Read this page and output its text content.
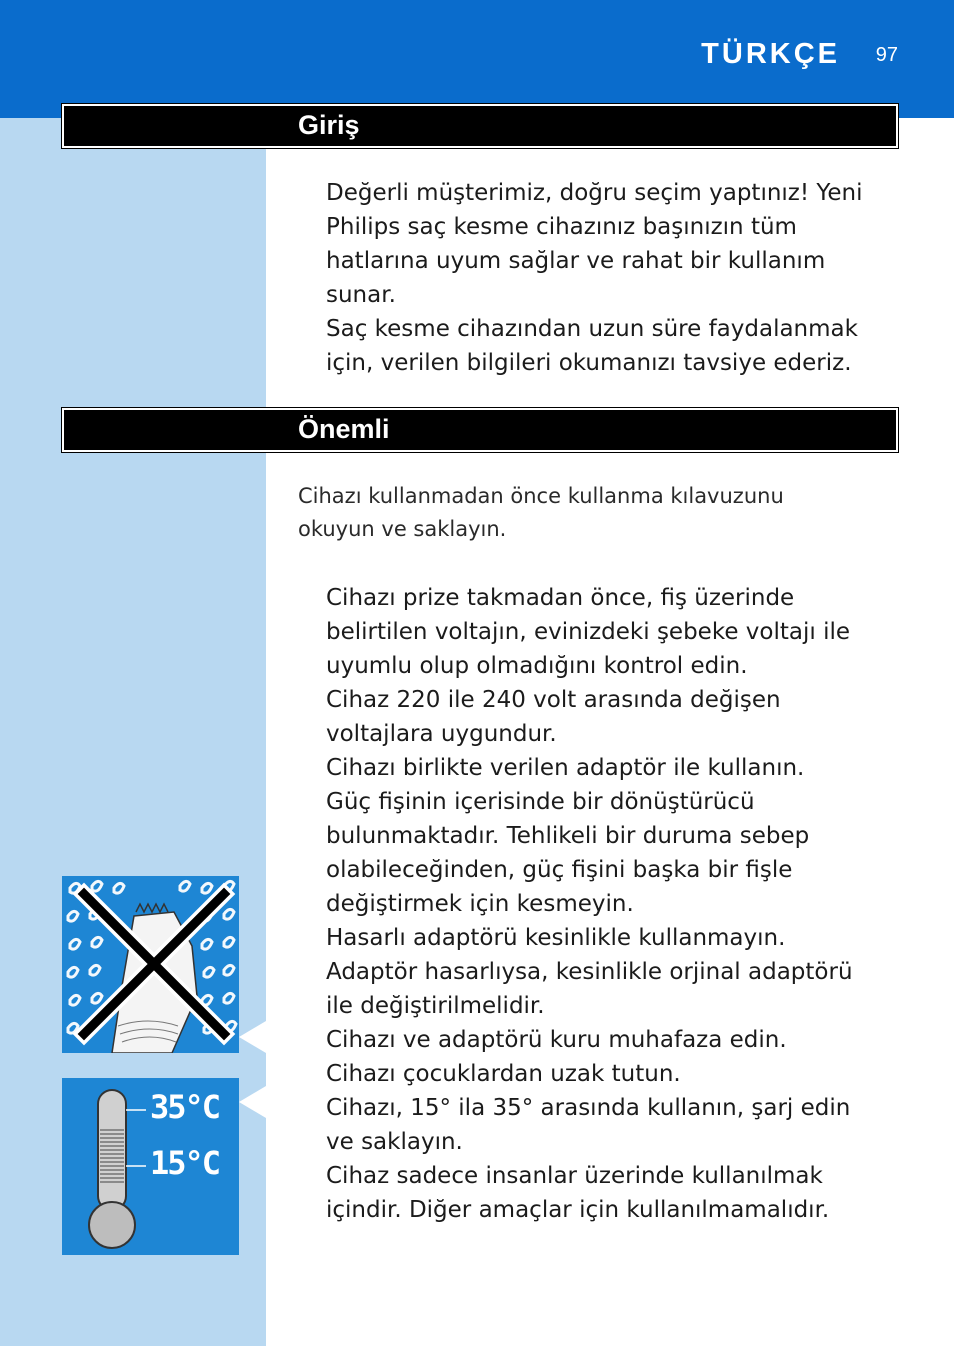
TÜRKÇE 97
Giriş

Değerli müşterimiz, doğru seçim yaptınız! Yeni

Philips saç kesme cihazınız başınızın tüm

hatlarına uyum sağlar ve rahat bir kullanım

sunar.

Saç kesme cihazından uzun süre faydalanmak

için, verilen bilgileri okumanızı tavsiye ederiz.

Önemli

Cihazı kullanmadan önce kullanma kılavuzunu

okuyun ve saklayın.

Cihazı prize takmadan önce, fiş üzerinde

belirtilen voltajın, evinizdeki şebeke voltajı ile

uyumlu olup olmadığını kontrol edin.

Cihaz 220 ile 240 volt arasında değişen

voltajlara uygundur.

Cihazı birlikte verilen adaptör ile kullanın.

Güç fişinin içerisinde bir dönüştürücü

bulunmaktadır. Tehlikeli bir duruma sebep

olabileceğinden, güç fişini başka bir fişle

değiştirmek için kesmeyin.

Hasarlı adaptörü kesinlikle kullanmayın.

Adaptör hasarlıysa, kesinlikle orjinal adaptörü

ile değiştirilmelidir.

Cihazı ve adaptörü kuru muhafaza edin.

Cihazı çocuklardan uzak tutun.

Cihazı, 15° ila 35° arasında kullanın, şarj edin

ve saklayın.

Cihaz sadece insanlar üzerinde kullanılmak

içindir. Diğer amaçlar için kullanılmamalıdır.

35°C
15°C
